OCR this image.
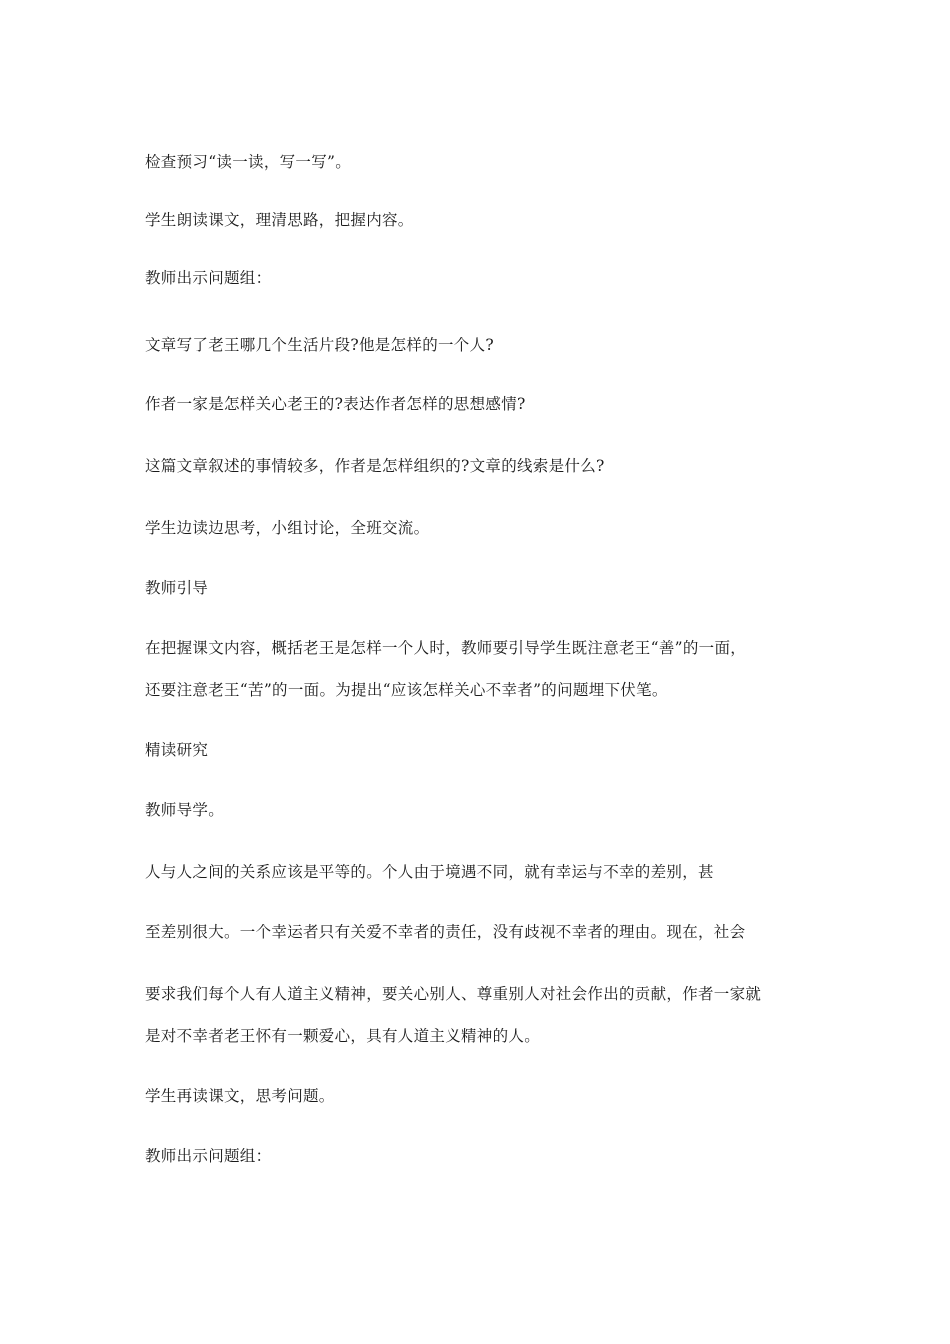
检查预习“读一读，写一写”。
学生朗读课文，理清思路，把握内容。
教师出示问题组：
文章写了老王哪几个生活片段?他是怎样的一个人?
作者一家是怎样关心老王的?表达作者怎样的思想感情?
这篇文章叙述的事情较多，作者是怎样组织的?文章的线索是什么?
学生边读边思考，小组讨论，全班交流。
教师引导
在把握课文内容，概括老王是怎样一个人时，教师要引导学生既注意老王“善”的一面，
还要注意老王“苦”的一面。为提出“应该怎样关心不幸者”的问题埋下伏笔。
精读研究
教师导学。
人与人之间的关系应该是平等的。个人由于境遇不同，就有幸运与不幸的差别，甚
至差别很大。一个幸运者只有关爱不幸者的责任，没有歧视不幸者的理由。现在，社会
要求我们每个人有人道主义精神，要关心别人、尊重别人对社会作出的贡献，作者一家就
是对不幸者老王怀有一颗爱心，具有人道主义精神的人。
学生再读课文，思考问题。
教师出示问题组：
